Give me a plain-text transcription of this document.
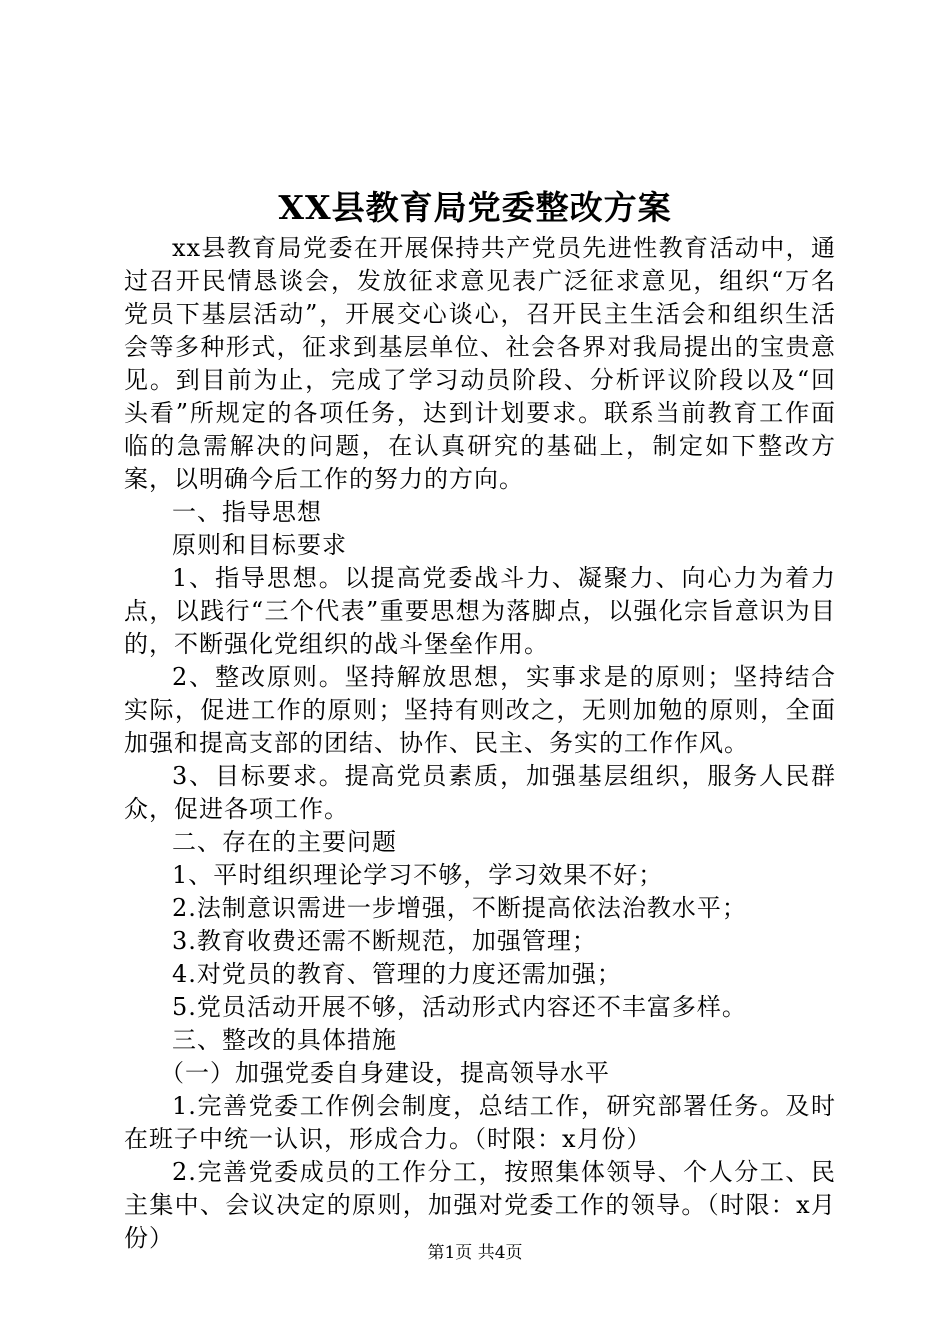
XX县教育局党委整改方案

xx县教育局党委在开展保持共产党员先进性教育活动中，通过召开民情恳谈会，发放征求意见表广泛征求意见，组织“万名党员下基层活动”，开展交心谈心，召开民主生活会和组织生活会等多种形式，征求到基层单位、社会各界对我局提出的宝贵意见。到目前为止，完成了学习动员阶段、分析评议阶段以及“回头看”所规定的各项任务，达到计划要求。联系当前教育工作面临的急需解决的问题，在认真研究的基础上，制定如下整改方案，以明确今后工作的努力的方向。

一、指导思想

原则和目标要求

1、指导思想。以提高党委战斗力、凝聚力、向心力为着力点，以践行“三个代表”重要思想为落脚点，以强化宗旨意识为目的，不断强化党组织的战斗堡垒作用。

2、整改原则。坚持解放思想，实事求是的原则；坚持结合实际，促进工作的原则；坚持有则改之，无则加勉的原则，全面加强和提高支部的团结、协作、民主、务实的工作作风。

3、目标要求。提高党员素质，加强基层组织，服务人民群众，促进各项工作。

二、存在的主要问题

1、平时组织理论学习不够，学习效果不好；

2.法制意识需进一步增强，不断提高依法治教水平；

3.教育收费还需不断规范，加强管理；

4.对党员的教育、管理的力度还需加强；

5.党员活动开展不够，活动形式内容还不丰富多样。

三、整改的具体措施

（一）加强党委自身建设，提高领导水平

1.完善党委工作例会制度，总结工作，研究部署任务。及时在班子中统一认识，形成合力。（时限：x月份）

2.完善党委成员的工作分工，按照集体领导、个人分工、民主集中、会议决定的原则，加强对党委工作的领导。（时限：x月份）

第1页 共4页
